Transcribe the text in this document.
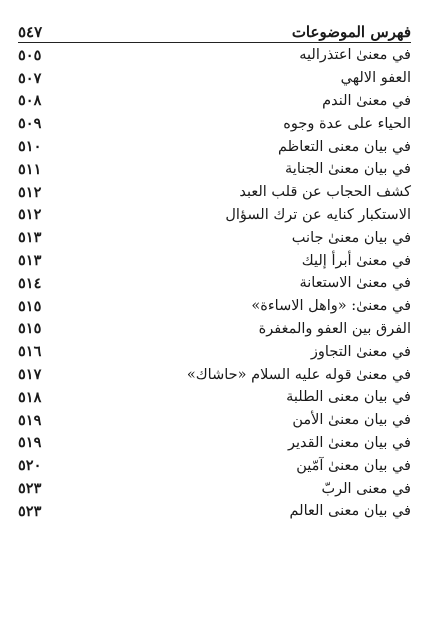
فهرس الموضوعات
٥٤٧
في معنىٰ اعتذراليه
٥٠٥
العفو الالهي
٥٠٧
في معنىٰ الندم
٥٠٨
الحياء على عدة وجوه
٥٠٩
في بيان معنى التعاظم
٥١٠
في بيان معنىٰ الجناية
٥١١
كشف الحجاب عن قلب العبد
٥١٢
الاستكبار كنايه عن ترك السؤال
٥١٢
في بيان معنىٰ جانب
٥١٣
في معنىٰ أبرأ إليك
٥١٣
في معنىٰ الاستعانة
٥١٤
في معنىٰ: «واهل الاساءة»
٥١٥
الفرق بين العفو والمغفرة
٥١٥
في معنىٰ التجاوز
٥١٦
في معنىٰ قوله عليه السلام «حاشاك»
٥١٧
في بيان معنى الطلبة
٥١٨
في بيان معنىٰ الأمن
٥١٩
في بيان معنىٰ القدير
٥١٩
في بيان معنىٰ آمّين
٥٢٠
في معنى الربّ
٥٢٣
في بيان معنى العالم
٥٢٣
